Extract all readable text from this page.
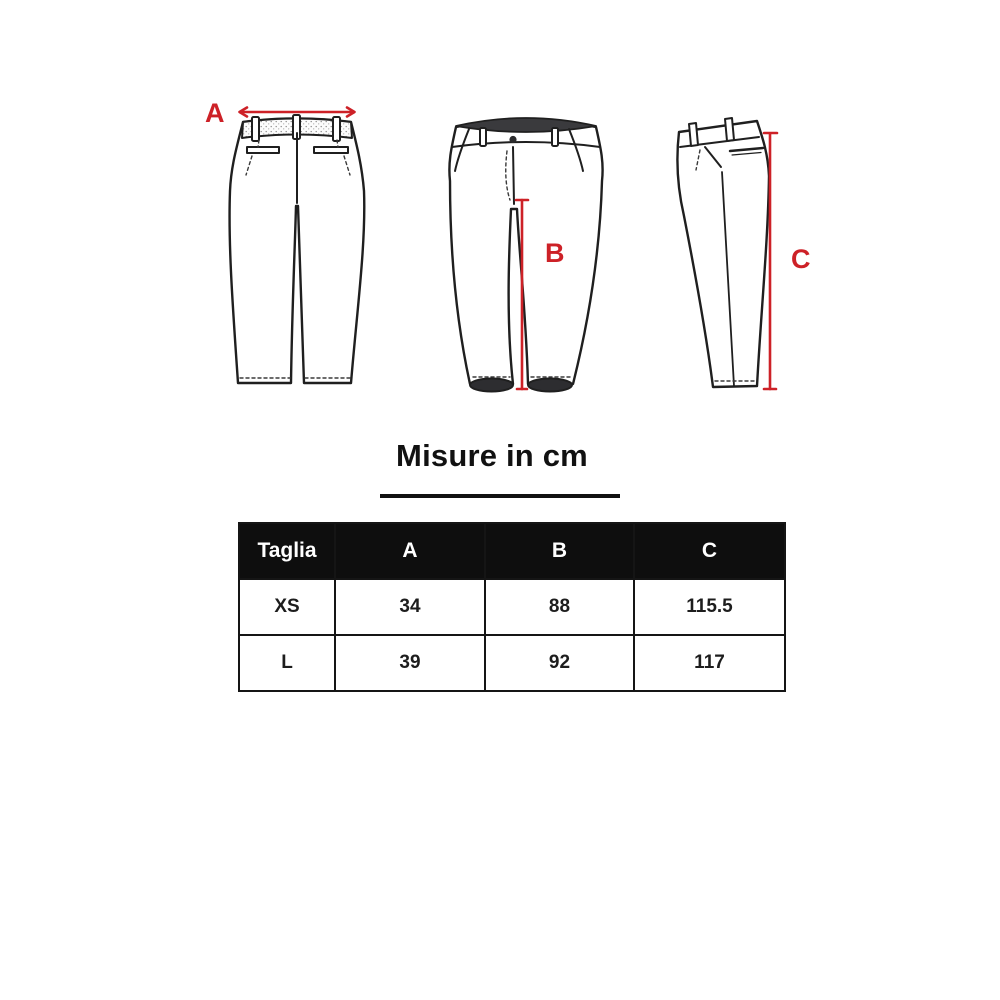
A
B	C
Misure in cm
Taglia	A	B	C
XS	34	88	115.5
L	39	92	117
